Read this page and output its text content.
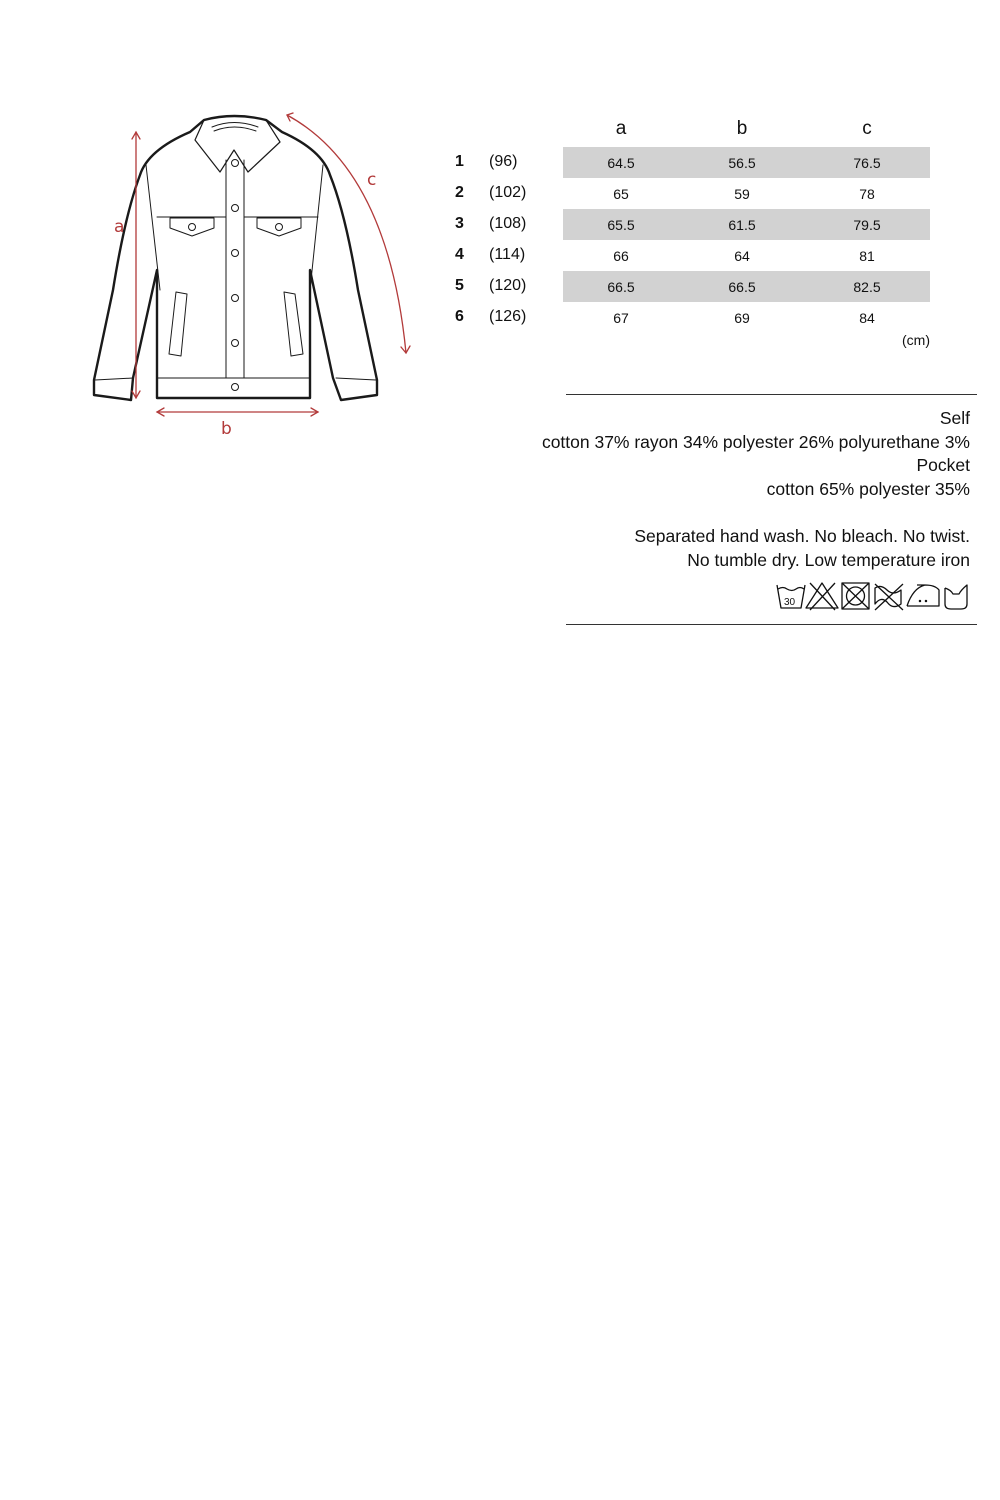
a
b
c
a	b	c
1	(96)	64.5	56.5	76.5
2	(102)	65	59	78
3	(108)	65.5	61.5	79.5
4	(114)	66	64	81
5	(120)	66.5	66.5	82.5
6	(126)	67	69	84
(cm)

Self

cotton 37% rayon 34% polyester 26% polyurethane 3%

Pocket

cotton 65% polyester 35%

Separated hand wash. No bleach. No twist.

No tumble dry. Low temperature iron

30
